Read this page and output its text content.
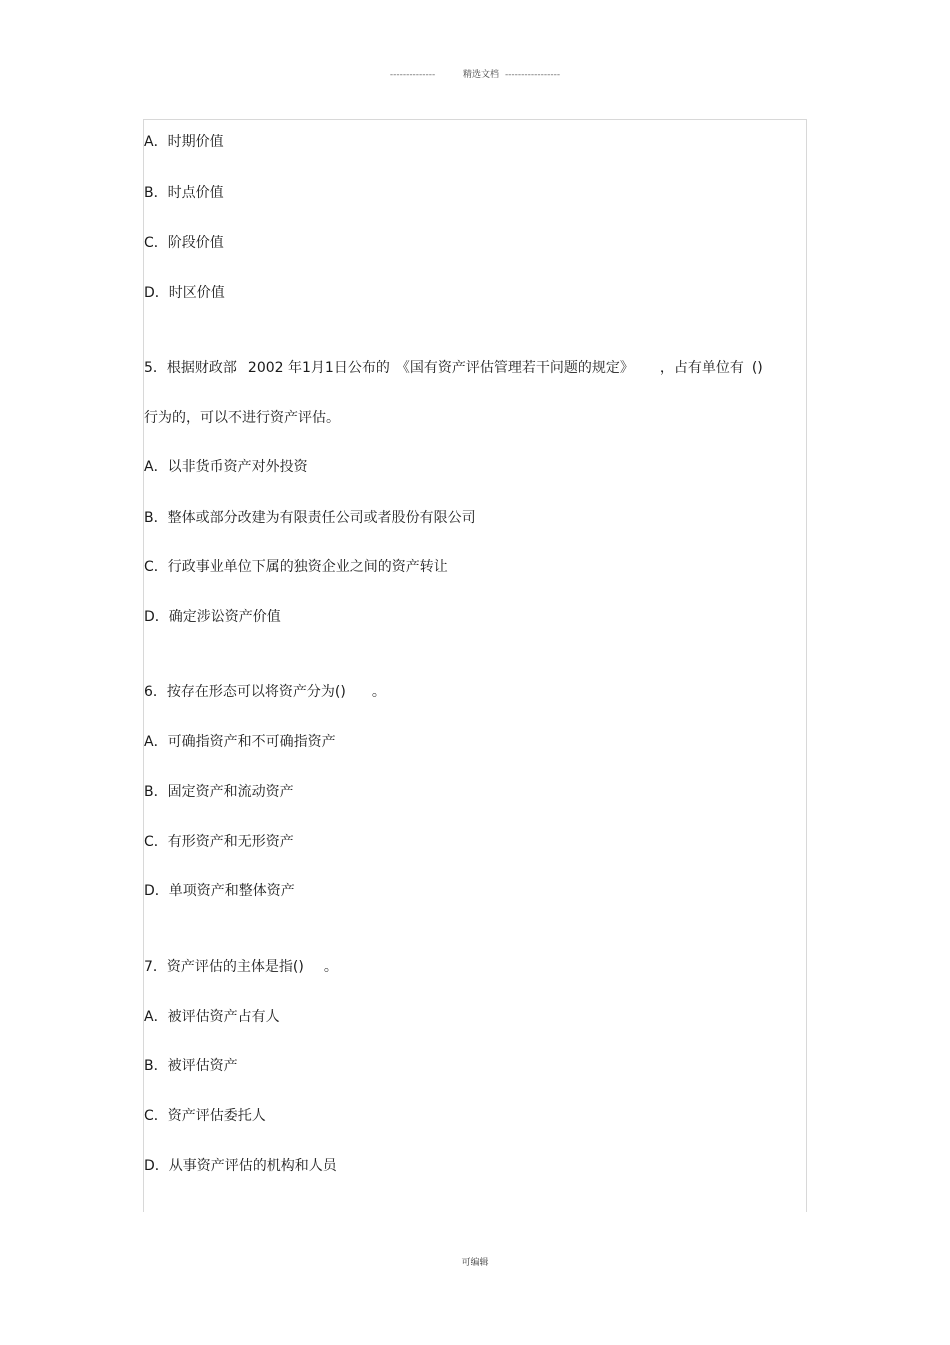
--------------	精选文档 -----------------
A．时期价值
B．时点价值
C．阶段价值
D．时区价值
5．根据财政部 2002 年1月1日公布的 《国有资产评估管理若干问题的规定》 ，占有单位有 ()
行为的，可以不进行资产评估。
A．以非货币资产对外投资
B．整体或部分改建为有限责任公司或者股份有限公司
C．行政事业单位下属的独资企业之间的资产转让
D．确定涉讼资产价值
6．按存在形态可以将资产分为() 。
A．可确指资产和不可确指资产
B．固定资产和流动资产
C．有形资产和无形资产
D．单项资产和整体资产
7．资产评估的主体是指() 。
A．被评估资产占有人
B．被评估资产
C．资产评估委托人
D．从事资产评估的机构和人员
可编辑
